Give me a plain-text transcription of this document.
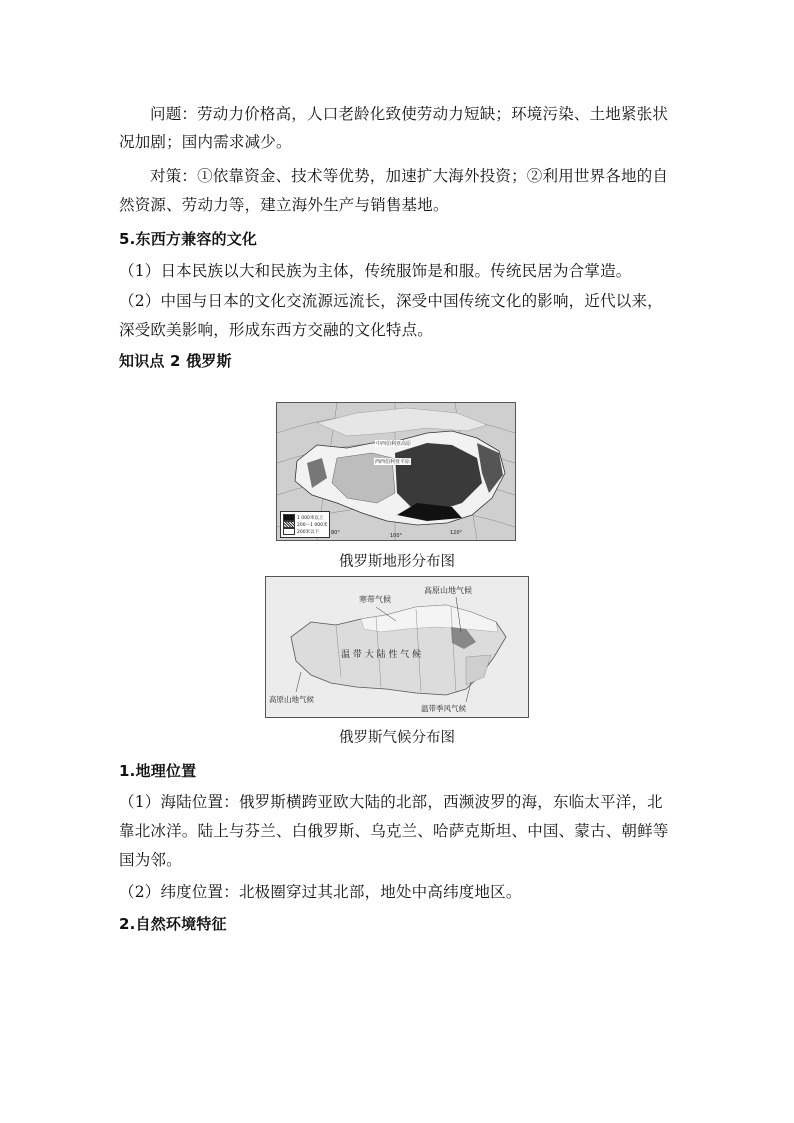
问题：劳动力价格高，人口老龄化致使劳动力短缺；环境污染、土地紧张状
况加剧；国内需求减少。
对策：①依靠资金、技术等优势，加速扩大海外投资；②利用世界各地的自
然资源、劳动力等，建立海外生产与销售基地。
5.东西方兼容的文化
（1）日本民族以大和民族为主体，传统服饰是和服。传统民居为合掌造。
（2）中国与日本的文化交流源远流长，深受中国传统文化的影响，近代以来，
深受欧美影响，形成东西方交融的文化特点。
知识点 2 俄罗斯
中西伯利亚高原
西西伯利亚平原
80°	100°	120°
1 000米以上
200～1 000米
200米以下
俄罗斯地形分布图
寒带气候
高原山地气候
温 带 大 陆 性 气 候
高原山地气候
温带季风气候
俄罗斯气候分布图
1.地理位置
（1）海陆位置：俄罗斯横跨亚欧大陆的北部，西濒波罗的海，东临太平洋，北
靠北冰洋。陆上与芬兰、白俄罗斯、乌克兰、哈萨克斯坦、中国、蒙古、朝鲜等
国为邻。
（2）纬度位置：北极圈穿过其北部，地处中高纬度地区。
2.自然环境特征
